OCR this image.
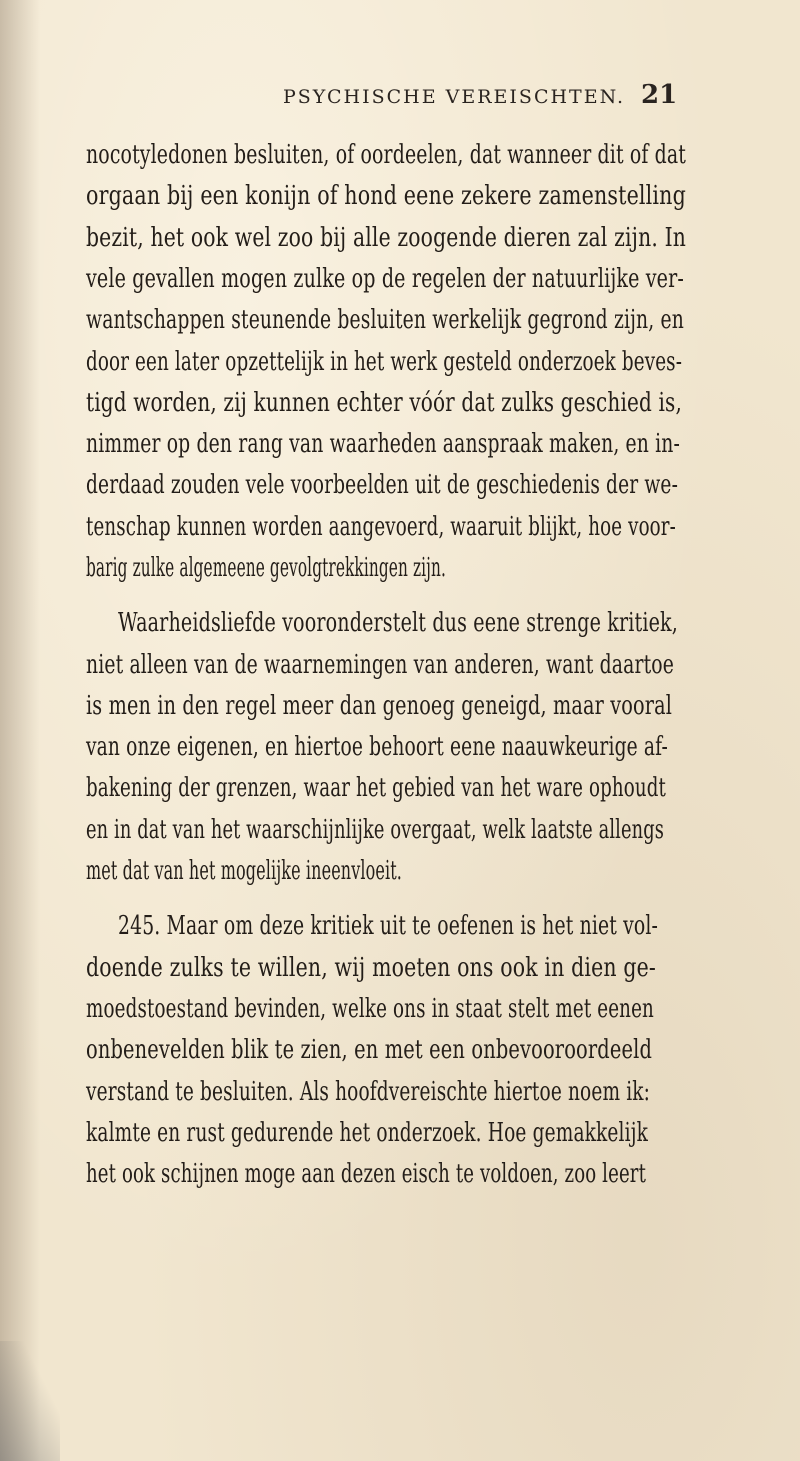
PSYCHISCHE VEREISCHTEN. 21
nocotyledonen besluiten, of oordeelen, dat wanneer dit of dat
orgaan bij een konijn of hond eene zekere zamenstelling
bezit, het ook wel zoo bij alle zoogende dieren zal zijn. In
vele gevallen mogen zulke op de regelen der natuurlijke ver-
wantschappen steunende besluiten werkelijk gegrond zijn, en
door een later opzettelijk in het werk gesteld onderzoek beves-
tigd worden, zij kunnen echter vóór dat zulks geschied is,
nimmer op den rang van waarheden aanspraak maken, en in-
derdaad zouden vele voorbeelden uit de geschiedenis der we-
tenschap kunnen worden aangevoerd, waaruit blijkt, hoe voor-
barig zulke algemeene gevolgtrekkingen zijn.
Waarheidsliefde vooronderstelt dus eene strenge kritiek,
niet alleen van de waarnemingen van anderen, want daartoe
is men in den regel meer dan genoeg geneigd, maar vooral
van onze eigenen, en hiertoe behoort eene naauwkeurige af-
bakening der grenzen, waar het gebied van het ware ophoudt
en in dat van het waarschijnlijke overgaat, welk laatste allengs
met dat van het mogelijke ineenvloeit.
245. Maar om deze kritiek uit te oefenen is het niet vol-
doende zulks te willen, wij moeten ons ook in dien ge-
moedstoestand bevinden, welke ons in staat stelt met eenen
onbenevelden blik te zien, en met een onbevooroordeeld
verstand te besluiten. Als hoofdvereischte hiertoe noem ik:
kalmte en rust gedurende het onderzoek. Hoe gemakkelijk
het ook schijnen moge aan dezen eisch te voldoen, zoo leert
